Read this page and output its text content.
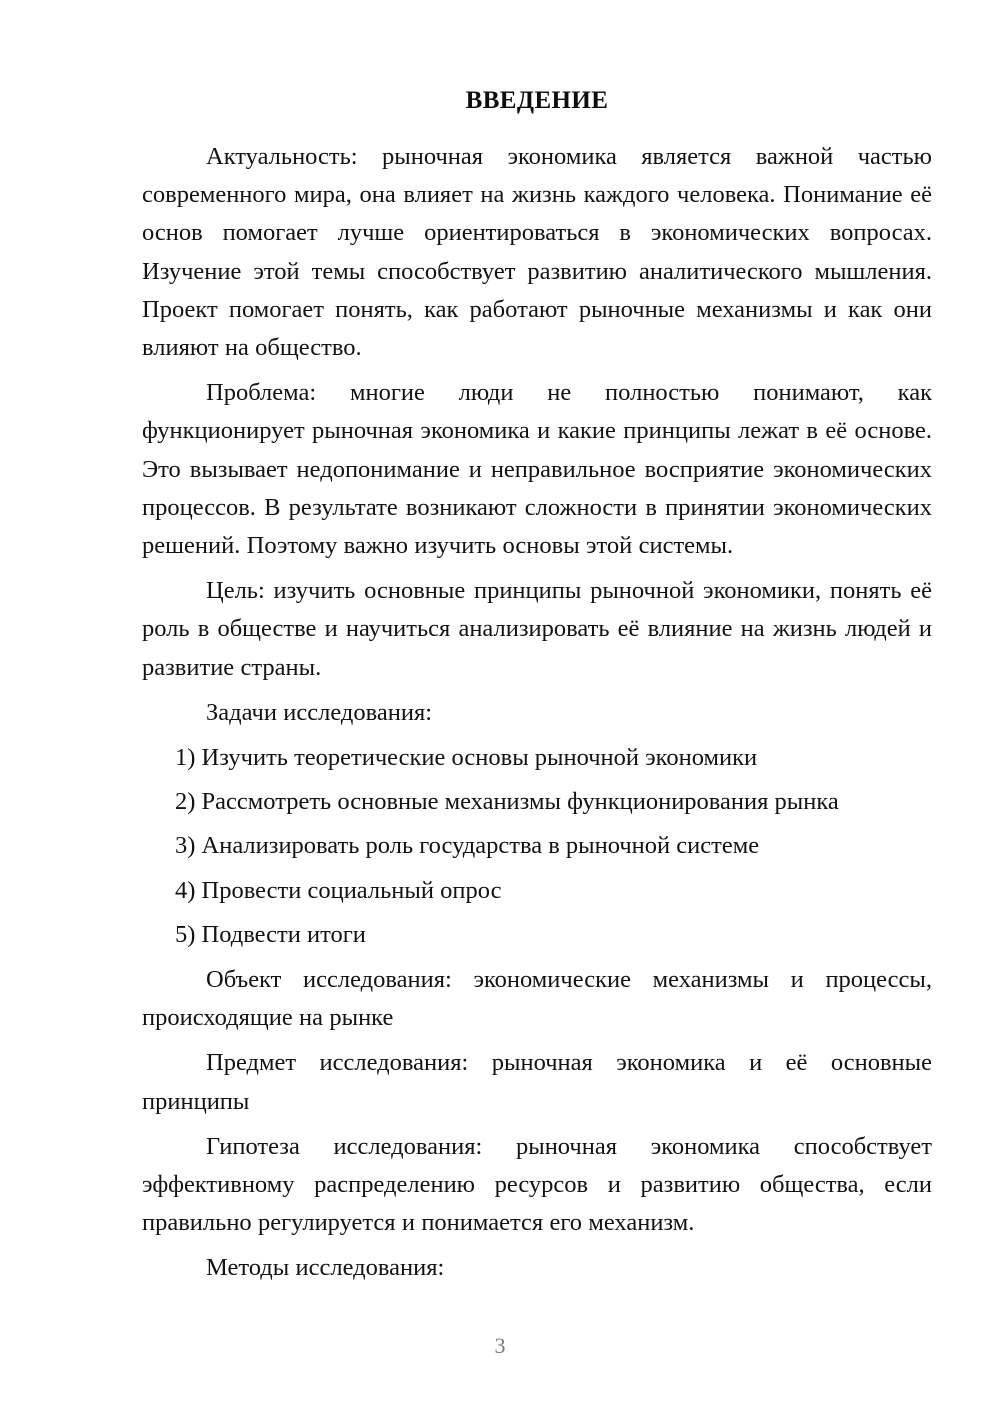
ВВЕДЕНИЕ

Актуальность: рыночная экономика является важной частью современного мира, она влияет на жизнь каждого человека. Понимание её основ помогает лучше ориентироваться в экономических вопросах. Изучение этой темы способствует развитию аналитического мышления. Проект помогает понять, как работают рыночные механизмы и как они влияют на общество.

Проблема: многие люди не полностью понимают, как функционирует рыночная экономика и какие принципы лежат в её основе. Это вызывает недопонимание и неправильное восприятие экономических процессов. В результате возникают сложности в принятии экономических решений. Поэтому важно изучить основы этой системы.

Цель: изучить основные принципы рыночной экономики, понять её роль в обществе и научиться анализировать её влияние на жизнь людей и развитие страны.

Задачи исследования:

1) Изучить теоретические основы рыночной экономики
2) Рассмотреть основные механизмы функционирования рынка
3) Анализировать роль государства в рыночной системе
4) Провести социальный опрос
5) Подвести итоги

Объект исследования: экономические механизмы и процессы, происходящие на рынке

Предмет исследования: рыночная экономика и её основные принципы

Гипотеза исследования: рыночная экономика способствует эффективному распределению ресурсов и развитию общества, если правильно регулируется и понимается его механизм.

Методы исследования:

3
